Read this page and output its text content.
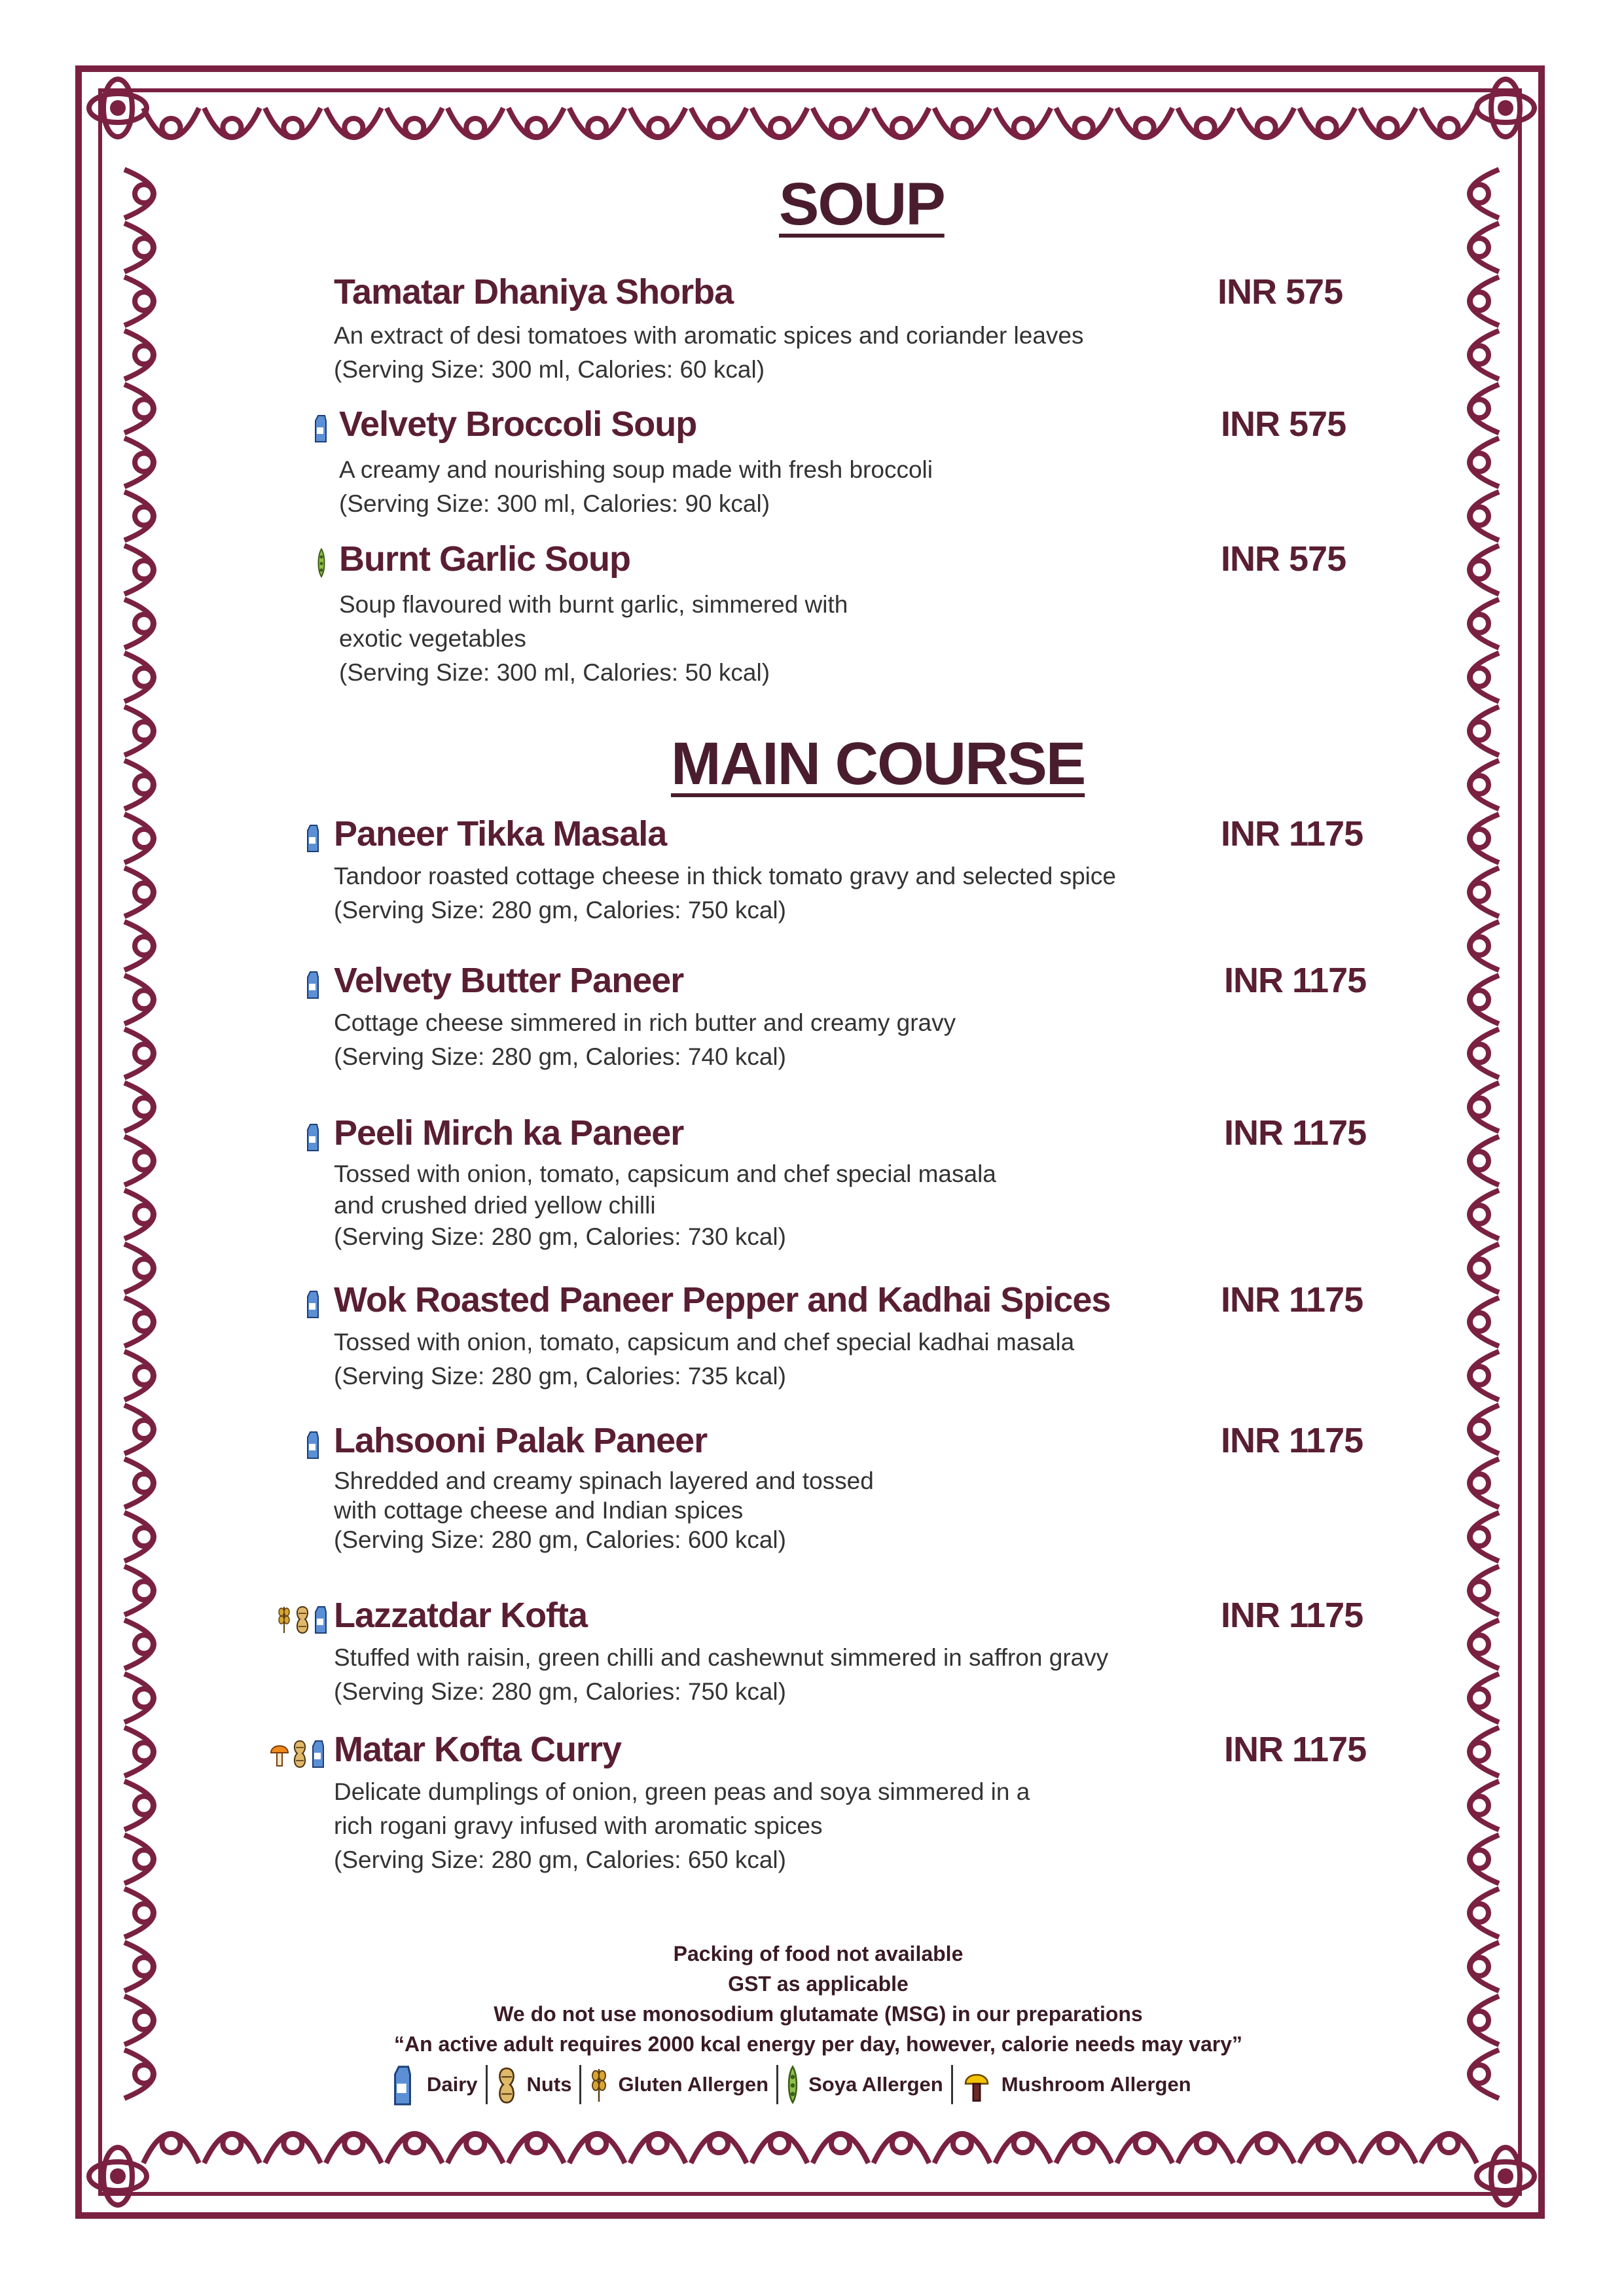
SOUP
Tamatar Dhaniya Shorba	INR 575
An extract of desi tomatoes with aromatic spices and coriander leaves
(Serving Size: 300 ml, Calories: 60 kcal)
Velvety Broccoli Soup	INR 575
A creamy and nourishing soup made with fresh broccoli
(Serving Size: 300 ml, Calories: 90 kcal)
Burnt Garlic Soup	INR 575
Soup flavoured with burnt garlic, simmered with
exotic vegetables
(Serving Size: 300 ml, Calories: 50 kcal)
MAIN COURSE
Paneer Tikka Masala	INR 1175
Tandoor roasted cottage cheese in thick tomato gravy and selected spice
(Serving Size: 280 gm, Calories: 750 kcal)
Velvety Butter Paneer	INR 1175
Cottage cheese simmered in rich butter and creamy gravy
(Serving Size: 280 gm, Calories: 740 kcal)
Peeli Mirch ka Paneer	INR 1175
Tossed with onion, tomato, capsicum and chef special masala
and crushed dried yellow chilli
(Serving Size: 280 gm, Calories: 730 kcal)
Wok Roasted Paneer Pepper and Kadhai Spices	INR 1175
Tossed with onion, tomato, capsicum and chef special kadhai masala
(Serving Size: 280 gm, Calories: 735 kcal)
Lahsooni Palak Paneer	INR 1175
Shredded and creamy spinach layered and tossed
with cottage cheese and Indian spices
(Serving Size: 280 gm, Calories: 600 kcal)
Lazzatdar Kofta	INR 1175
Stuffed with raisin, green chilli and cashewnut simmered in saffron gravy
(Serving Size: 280 gm, Calories: 750 kcal)
Matar Kofta Curry	INR 1175
Delicate dumplings of onion, green peas and soya simmered in a
rich rogani gravy infused with aromatic spices
(Serving Size: 280 gm, Calories: 650 kcal)
Packing of food not available
GST as applicable
We do not use monosodium glutamate (MSG) in our preparations
“An active adult requires 2000 kcal energy per day, however, calorie needs may vary”
Dairy Nuts Gluten Allergen Soya Allergen	Mushroom Allergen
